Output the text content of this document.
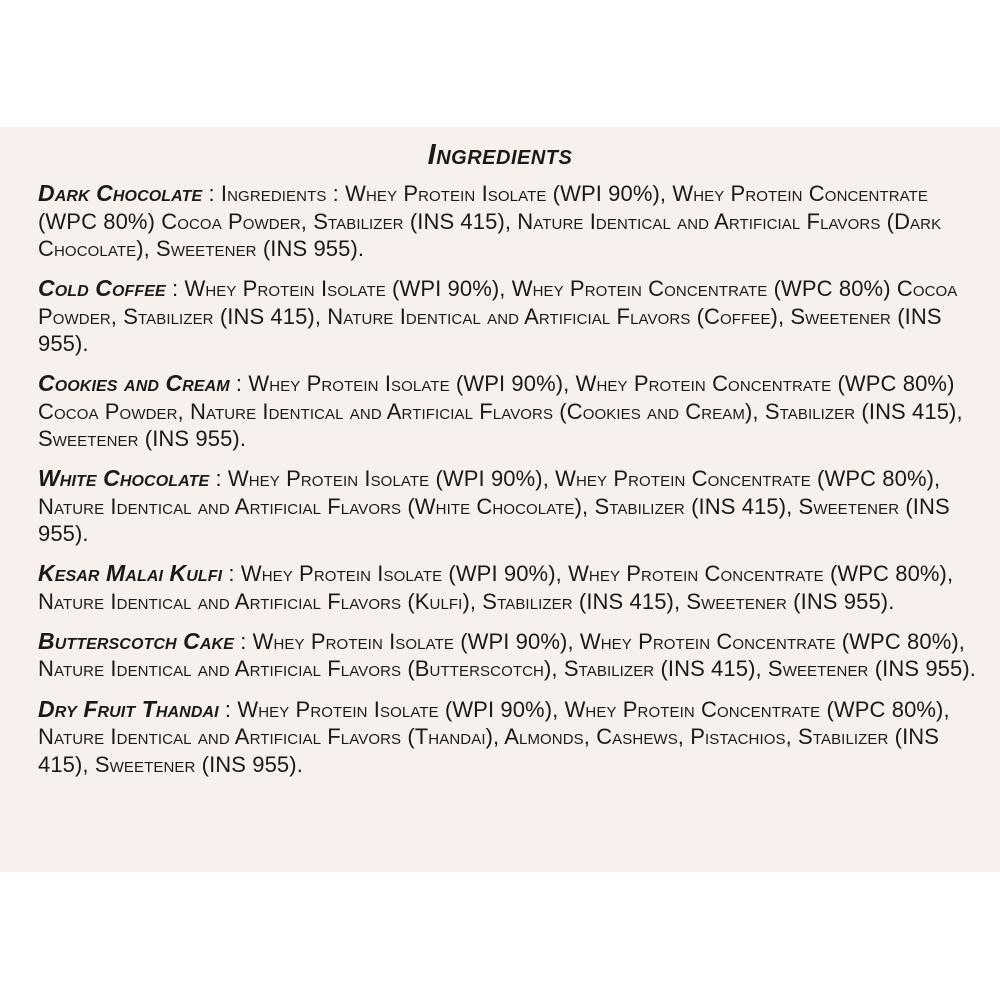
Ingredients

Dark Chocolate : Ingredients : Whey Protein Isolate (WPI 90%), Whey Protein Concentrate (WPC 80%) Cocoa Powder, Stabilizer (INS 415), Nature Identical and Artificial Flavors (Dark Chocolate), Sweetener (INS 955).

Cold Coffee : Whey Protein Isolate (WPI 90%), Whey Protein Concentrate (WPC 80%) Cocoa Powder, Stabilizer (INS 415), Nature Identical and Artificial Flavors (Coffee), Sweetener (INS 955).

Cookies and Cream : Whey Protein Isolate (WPI 90%), Whey Protein Concentrate (WPC 80%) Cocoa Powder, Nature Identical and Artificial Flavors (Cookies and Cream), Stabilizer (INS 415), Sweetener (INS 955).

White Chocolate : Whey Protein Isolate (WPI 90%), Whey Protein Concentrate (WPC 80%), Nature Identical and Artificial Flavors (White Chocolate), Stabilizer (INS 415), Sweetener (INS 955).

Kesar Malai Kulfi : Whey Protein Isolate (WPI 90%), Whey Protein Concentrate (WPC 80%), Nature Identical and Artificial Flavors (Kulfi), Stabilizer (INS 415), Sweetener (INS 955).

Butterscotch Cake : Whey Protein Isolate (WPI 90%), Whey Protein Concentrate (WPC 80%), Nature Identical and Artificial Flavors (Butterscotch), Stabilizer (INS 415), Sweetener (INS 955).

Dry Fruit Thandai : Whey Protein Isolate (WPI 90%), Whey Protein Concentrate (WPC 80%), Nature Identical and Artificial Flavors (Thandai), Almonds, Cashews, Pistachios, Stabilizer (INS 415), Sweetener (INS 955).
